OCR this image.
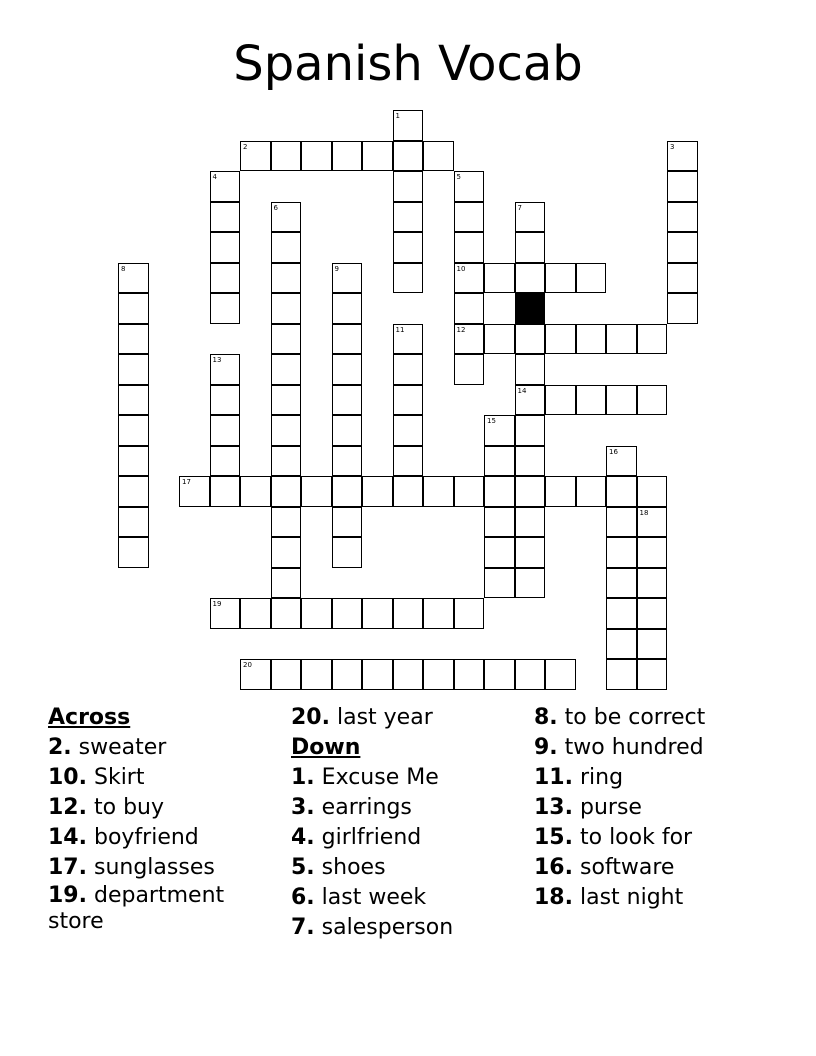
Spanish Vocab
1
2	3
4	5
10
12
6	7
14
8	9
11
13
15
16
17
18
19
20
Across
2. sweater
10. Skirt
12. to buy
14. boyfriend
17. sunglasses
19. department store
20. last year
Down
1. Excuse Me
3. earrings
4. girlfriend
5. shoes
6. last week
7. salesperson
8. to be correct
9. two hundred
11. ring
13. purse
15. to look for
16. software
18. last night
